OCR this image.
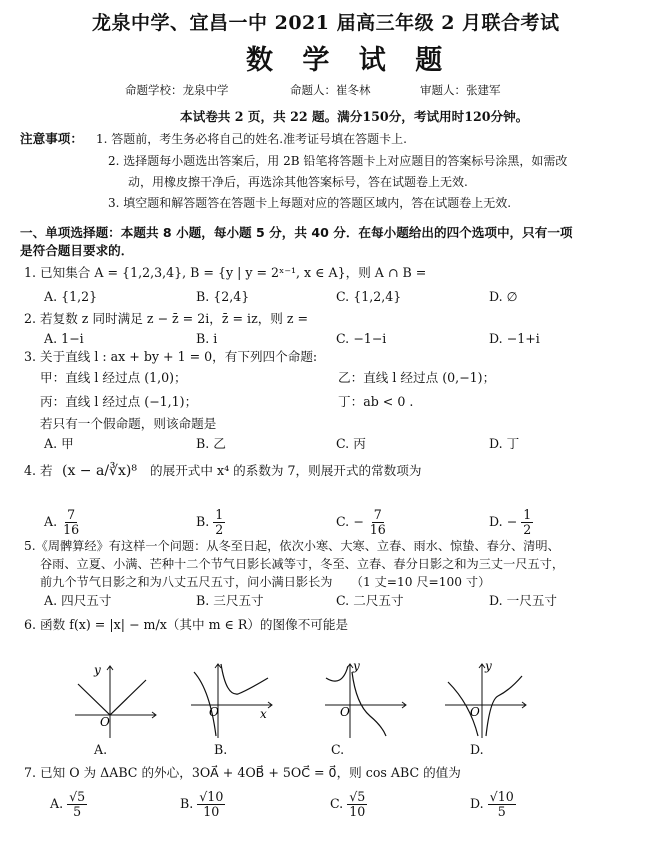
龙泉中学、宜昌一中 2021 届高三年级 2 月联合考试
数 学 试 题
命题学校：龙泉中学	命题人：崔冬林	审题人：张建军
本试卷共 2 页，共 22 题。满分150分，考试用时120分钟。
注意事项： 1. 答题前，考生务必将自己的姓名.准考证号填在答题卡上.
2. 选择题每小题选出答案后，用 2B 铅笔将答题卡上对应题目的答案标号涂黑，如需改
动，用橡皮擦干净后，再选涂其他答案标号，答在试题卷上无效.
3. 填空题和解答题答在答题卡上每题对应的答题区域内，答在试题卷上无效.
一、单项选择题：本题共 8 小题，每小题 5 分，共 40 分．在每小题给出的四个选项中，只有一项
是符合题目要求的．
1. 已知集合 A = {1,2,3,4}, B = {y | y = 2ˣ⁻¹, x ∈ A}，则 A ∩ B =
A. {1,2}	B. {2,4}	C. {1,2,4}	D. ∅
2. 若复数 z 同时满足 z − z̄ = 2i，z̄ = iz，则 z =
A. 1−i	B. i	C. −1−i	D. −1+i
3. 关于直线 l : ax + by + 1 = 0，有下列四个命题:
甲：直线 l 经过点 (1,0)；	乙：直线 l 经过点 (0,−1)；
丙：直线 l 经过点 (−1,1)；	丁：ab < 0 .
若只有一个假命题，则该命题是
A. 甲	B. 乙	C. 丙	D. 丁
4. 若 (x − a/∛x)⁸ 的展开式中 x⁴ 的系数为 7，则展开式的常数项为
A. $\frac{7}{16}$	B. $\frac{1}{2}$	C. − $\frac{7}{16}$	D. − $\frac{1}{2}$
5.《周髀算经》有这样一个问题：从冬至日起，依次小寒、大寒、立春、雨水、惊蛰、春分、清明、
谷雨、立夏、小满、芒种十二个节气日影长减等寸，冬至、立春、春分日影之和为三丈一尺五寸，
前九个节气日影之和为八丈五尺五寸，问小满日影长为　　（1 丈=10 尺=100 寸）
A. 四尺五寸	B. 三尺五寸	C. 二尺五寸	D. 一尺五寸
6. 函数 f(x) = |x| − m/x（其中 m ∈ R）的图像不可能是
O
y
A.
O	x
B.
y
O
C.
y
O
D.
7. 已知 O 为 ΔABC 的外心，3OA⃗ + 4OB⃗ + 5OC⃗ = 0⃗，则 cos ABC 的值为
A. $\frac{√5}{5}$	B. $\frac{√10}{10}$	C. $\frac{√5}{10}$	D. $\frac{√10}{5}$
